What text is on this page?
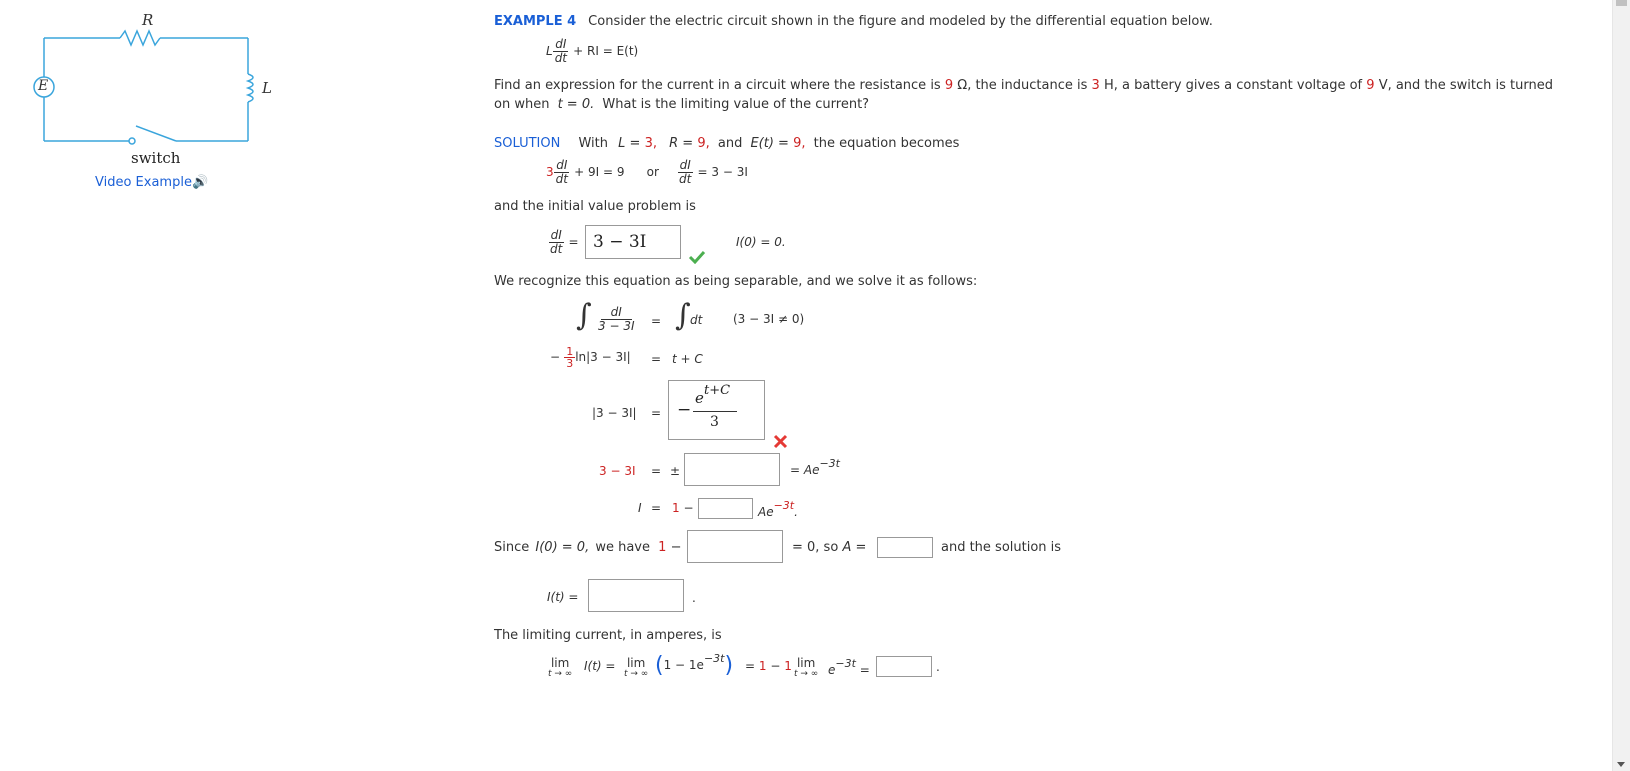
R
L
E
switch
Video Example🔊
EXAMPLE 4 Consider the electric circuit shown in the figure and modeled by the differential equation below.
L $\frac{dI}{dt}$ + RI = E(t)
Find an expression for the current in a circuit where the resistance is 9 Ω, the inductance is 3 H, a battery gives a constant voltage of 9 V, and the switch is turned
on when t = 0. What is the limiting value of the current?
SOLUTION With L = 3, R = 9, and E(t) = 9, the equation becomes
$3 \frac{dI}{dt} + 9I = 9$ or $\frac{dI}{dt} = 3 - 3I$
and the initial value problem is
$\frac{dI}{dt} = 3 - 3I$	I(0) = 0.
We recognize this equation as being separable, and we solve it as follows:
∫ $\frac{dI}{3 - 3I}$ = ∫ dt	(3 − 3I ≠ 0)
− $\frac{1}{3} \ln|3 - 3I| = t + C$
|3 − 3I| = −
e t+C
3
3 − 3I = ±	= Ae−3t
I = 1 −	Ae−3t.
Since I(0) = 0, we have 1 −	= 0, so A =	and the solution is
I(t) =	.
The limiting current, in amperes, is
lim
t → ∞
I(t) = lim
t → ∞ $(1 - 1e^{-3t}) = 1 - 1$ lim
t → ∞ e−3t =	.
